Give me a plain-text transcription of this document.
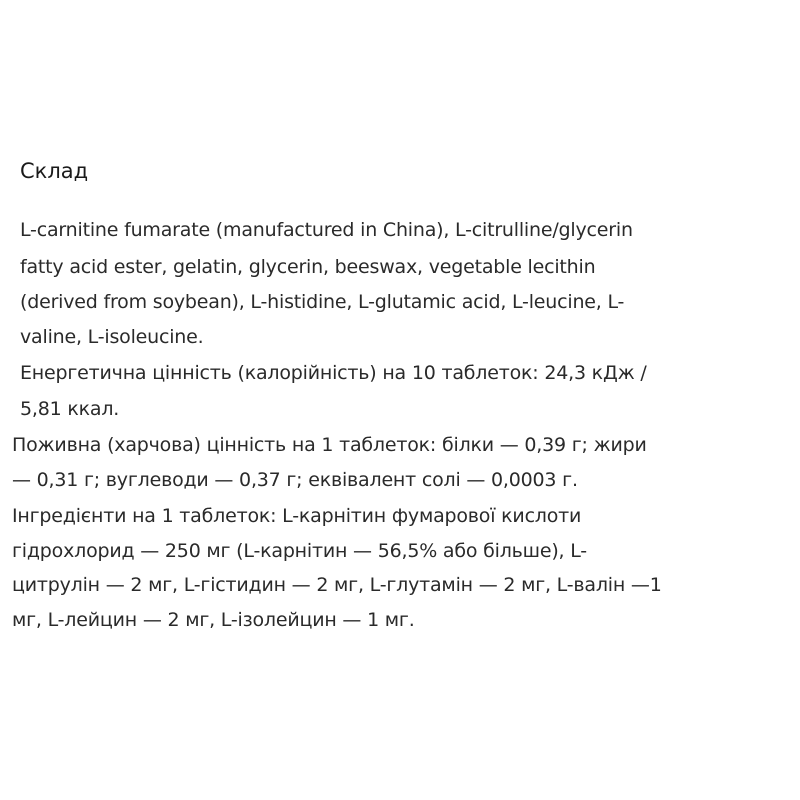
Склад

L-carnitine fumarate (manufactured in China), L-citrulline/glycerin

fatty acid ester, gelatin, glycerin, beeswax, vegetable lecithin

(derived from soybean), L-histidine, L-glutamic acid, L-leucine, L-

valine, L-isoleucine.

Енергетична цінність (калорійність) на 10 таблеток: 24,3 кДж /

5,81 ккал.

Поживна (харчова) цінність на 1 таблеток: білки — 0,39 г; жири

— 0,31 г; вуглеводи — 0,37 г; еквівалент солі — 0,0003 г.

Інгредієнти на 1 таблеток: L-карнітин фумарової кислоти

гідрохлорид — 250 мг (L-карнітин — 56,5% або більше), L-

цитрулін — 2 мг, L-гістидин — 2 мг, L-глутамін — 2 мг, L-валін —1

мг, L-лейцин — 2 мг, L-ізолейцин — 1 мг.
